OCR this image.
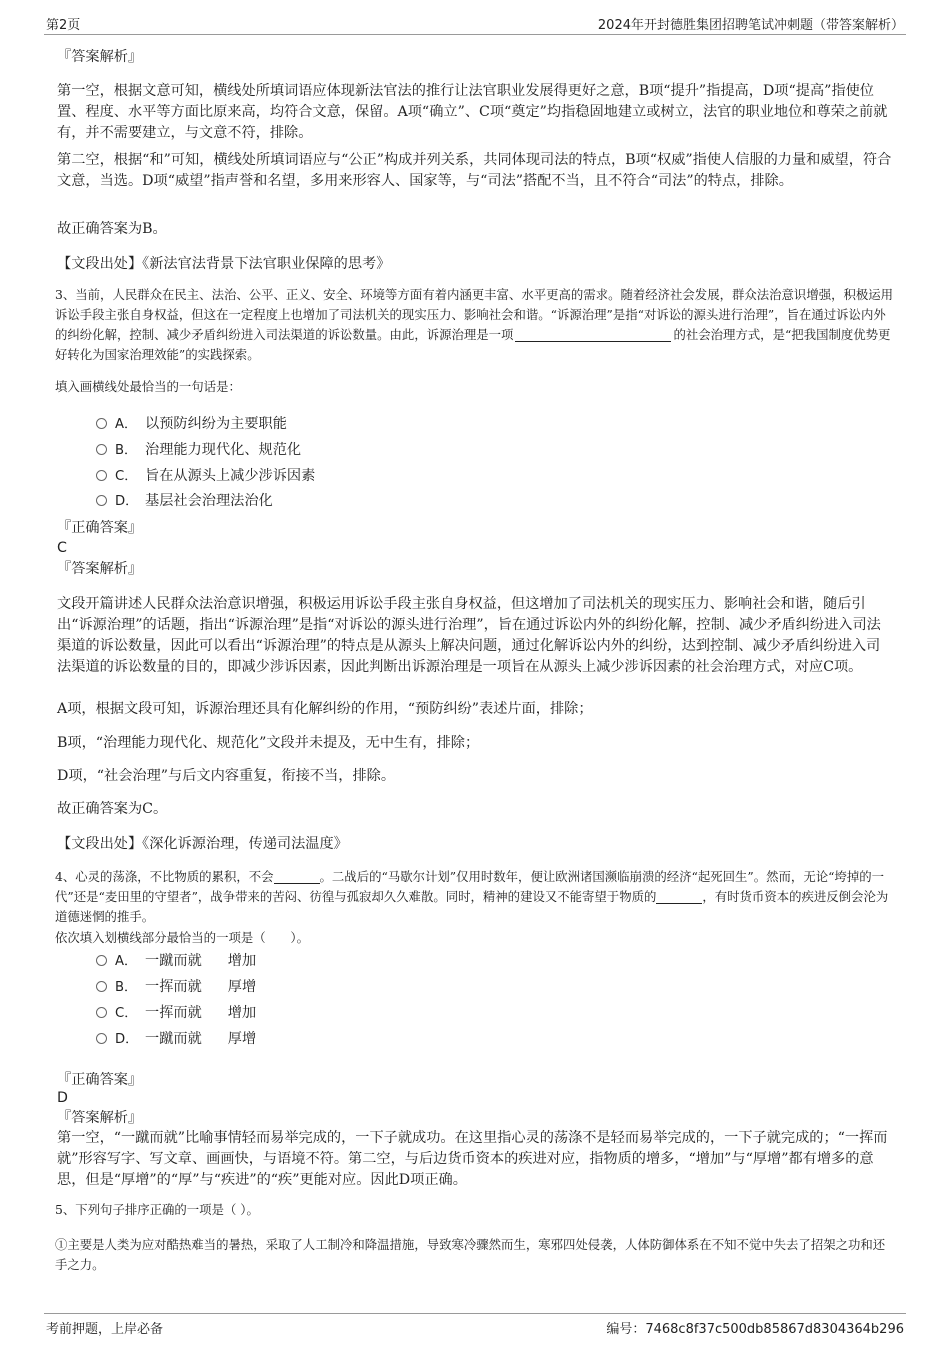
第2页	2024年开封德胜集团招聘笔试冲刺题（带答案解析）

『答案解析』

第一空，根据文意可知，横线处所填词语应体现新法官法的推行让法官职业发展得更好之意，B项“提升”指提高，D项“提高”指使位置、程度、水平等方面比原来高，均符合文意，保留。A项“确立”、C项“奠定”均指稳固地建立或树立，法官的职业地位和尊荣之前就有，并不需要建立，与文意不符，排除。

第二空，根据“和”可知，横线处所填词语应与“公正”构成并列关系，共同体现司法的特点，B项“权威”指使人信服的力量和威望，符合文意，当选。D项“威望”指声誉和名望，多用来形容人、国家等，与“司法”搭配不当，且不符合“司法”的特点，排除。

故正确答案为B。

【文段出处】《新法官法背景下法官职业保障的思考》

3、当前，人民群众在民主、法治、公平、正义、安全、环境等方面有着内涵更丰富、水平更高的需求。随着经济社会发展，群众法治意识增强，积极运用诉讼手段主张自身权益，但这在一定程度上也增加了司法机关的现实压力、影响社会和谐。“诉源治理”是指“对诉讼的源头进行治理”，旨在通过诉讼内外的纠纷化解，控制、减少矛盾纠纷进入司法渠道的诉讼数量。由此，诉源治理是一项	的社会治理方式，是“把我国制度优势更好转化为国家治理效能”的实践探索。

填入画横线处最恰当的一句话是：

A． 以预防纠纷为主要职能
B． 治理能力现代化、规范化
C． 旨在从源头上减少涉诉因素
D． 基层社会治理法治化

『正确答案』

C

『答案解析』

文段开篇讲述人民群众法治意识增强，积极运用诉讼手段主张自身权益，但这增加了司法机关的现实压力、影响社会和谐，随后引出“诉源治理”的话题，指出“诉源治理”是指“对诉讼的源头进行治理”，旨在通过诉讼内外的纠纷化解，控制、减少矛盾纠纷进入司法渠道的诉讼数量，因此可以看出“诉源治理”的特点是从源头上解决问题，通过化解诉讼内外的纠纷，达到控制、减少矛盾纠纷进入司法渠道的诉讼数量的目的，即减少涉诉因素，因此判断出诉源治理是一项旨在从源头上减少涉诉因素的社会治理方式，对应C项。

A项，根据文段可知，诉源治理还具有化解纠纷的作用，“预防纠纷”表述片面，排除；

B项，“治理能力现代化、规范化”文段并未提及，无中生有，排除；

D项，“社会治理”与后文内容重复，衔接不当，排除。

故正确答案为C。

【文段出处】《深化诉源治理，传递司法温度》

4、心灵的荡涤，不比物质的累积，不会	。二战后的“马歇尔计划”仅用时数年，便让欧洲诸国濒临崩溃的经济“起死回生”。然而，无论“垮掉的一代”还是“麦田里的守望者”，战争带来的苦闷、彷徨与孤寂却久久难散。同时，精神的建设又不能寄望于物质的	，有时货币资本的疾进反倒会沦为道德迷惘的推手。

依次填入划横线部分最恰当的一项是（　　）。

A． 一蹴而就 增加
B． 一挥而就 厚增
C． 一挥而就 增加
D． 一蹴而就 厚增

『正确答案』

D

『答案解析』

第一空，“一蹴而就”比喻事情轻而易举完成的，一下子就成功。在这里指心灵的荡涤不是轻而易举完成的，一下子就完成的；“一挥而就”形容写字、写文章、画画快，与语境不符。第二空，与后边货币资本的疾进对应，指物质的增多，“增加”与“厚增”都有增多的意思，但是“厚增”的“厚”与“疾进”的“疾”更能对应。因此D项正确。

5、下列句子排序正确的一项是（ ）。

①主要是人类为应对酷热难当的暑热，采取了人工制冷和降温措施，导致寒冷骤然而生，寒邪四处侵袭，人体防御体系在不知不觉中失去了招架之功和还手之力。

考前押题，上岸必备	编号：7468c8f37c500db85867d8304364b296
